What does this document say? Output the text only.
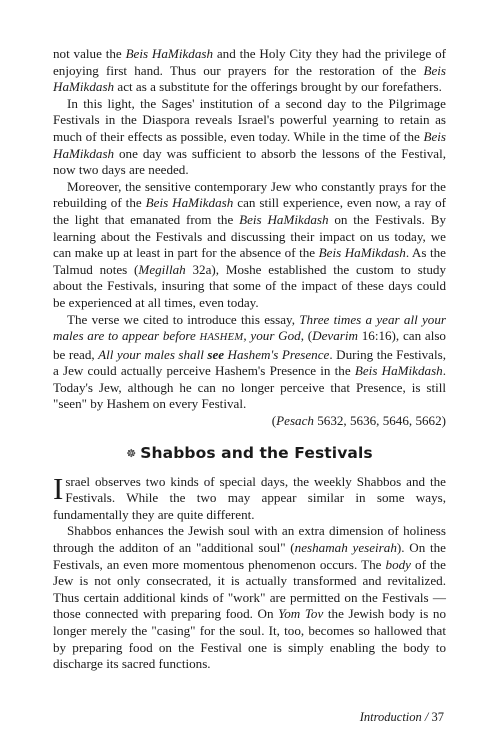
not value the Beis HaMikdash and the Holy City they had the privilege of enjoying first hand. Thus our prayers for the restoration of the Beis HaMikdash act as a substitute for the offerings brought by our forefathers.

In this light, the Sages' institution of a second day to the Pilgrimage Festivals in the Diaspora reveals Israel's powerful yearning to retain as much of their effects as possible, even today. While in the time of the Beis HaMikdash one day was sufficient to absorb the lessons of the Festival, now two days are needed.

Moreover, the sensitive contemporary Jew who constantly prays for the rebuilding of the Beis HaMikdash can still experience, even now, a ray of the light that emanated from the Beis HaMikdash on the Festivals. By learning about the Festivals and discussing their impact on us today, we can make up at least in part for the absence of the Beis HaMikdash. As the Talmud notes (Megillah 32a), Moshe established the custom to study about the Festivals, insuring that some of the impact of these days could be experienced at all times, even today.

The verse we cited to introduce this essay, Three times a year all your males are to appear before HASHEM, your God, (Devarim 16:16), can also be read, All your males shall see Hashem's Presence. During the Festivals, a Jew could actually perceive Hashem's Presence in the Beis HaMikdash. Today's Jew, although he can no longer perceive that Presence, is still "seen" by Hashem on every Festival.

(Pesach 5632, 5636, 5646, 5662)

☸ Shabbos and the Festivals

Israel observes two kinds of special days, the weekly Shabbos and the Festivals. While the two may appear similar in some ways, fundamentally they are quite different.

Shabbos enhances the Jewish soul with an extra dimension of holiness through the additon of an "additional soul" (neshamah yeseirah). On the Festivals, an even more momentous phenomenon occurs. The body of the Jew is not only consecrated, it is actually transformed and revitalized. Thus certain additional kinds of "work" are permitted on the Festivals — those connected with preparing food. On Yom Tov the Jewish body is no longer merely the "casing" for the soul. It, too, becomes so hallowed that by preparing food on the Festival one is simply enabling the body to discharge its sacred functions.

Introduction / 37
